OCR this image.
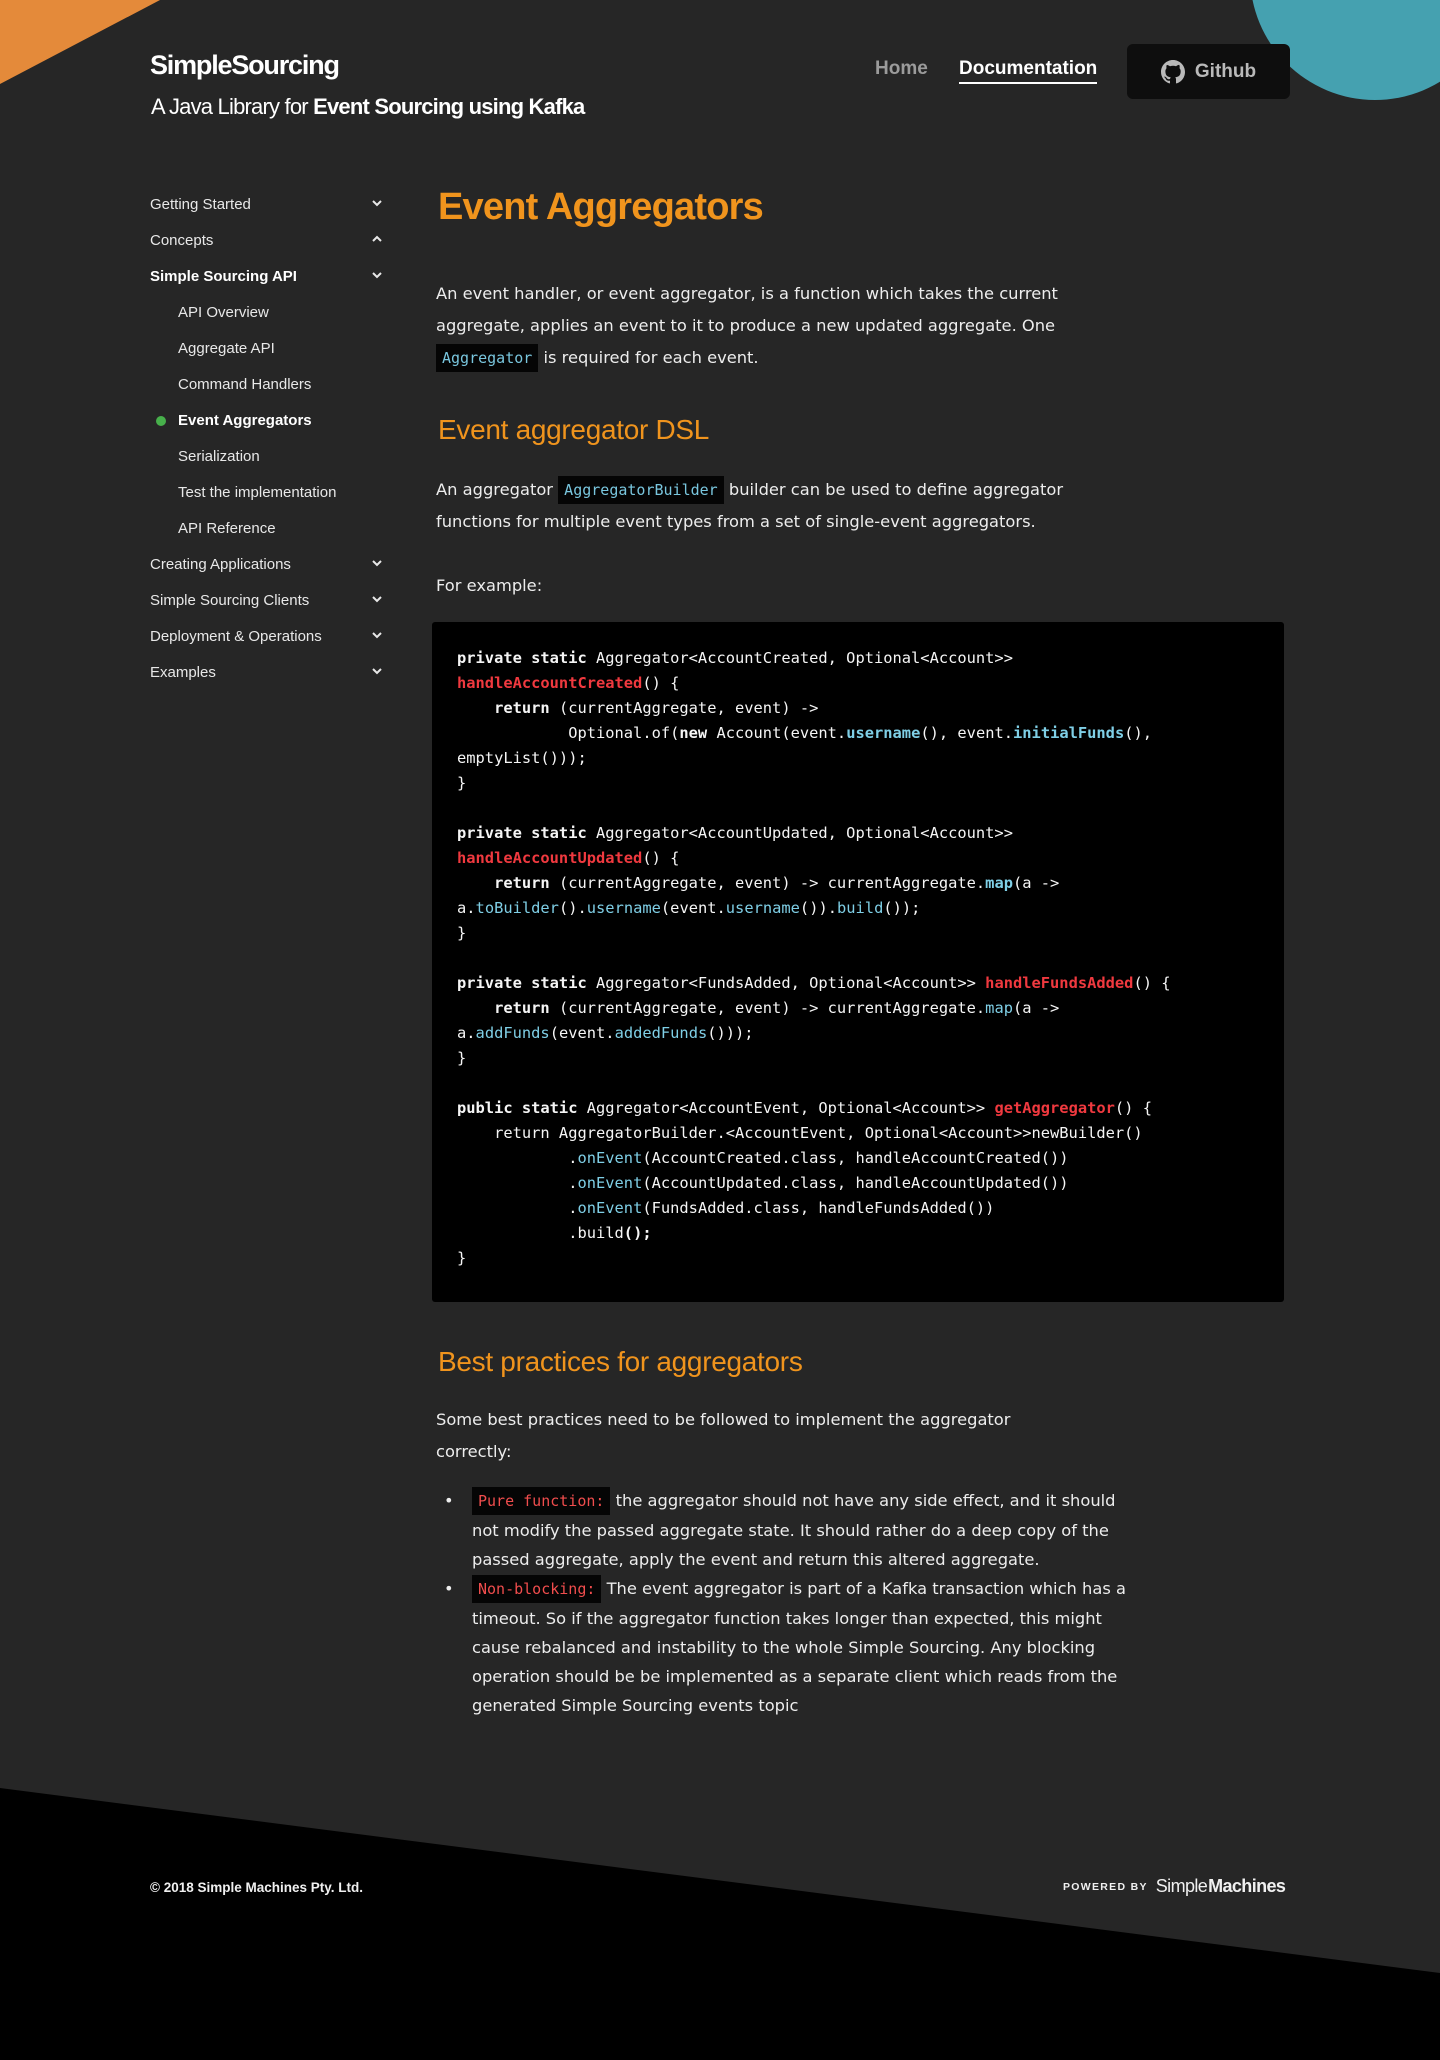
SimpleSourcing
A Java Library for Event Sourcing using Kafka
Home Documentation	Github
Getting Started
Concepts
Simple Sourcing API
API Overview
Aggregate API
Command Handlers
Event Aggregators
Serialization
Test the implementation
API Reference
Creating Applications
Simple Sourcing Clients
Deployment & Operations
Examples
Event Aggregators

An event handler, or event aggregator, is a function which takes the current aggregate, applies an event to it to produce a new updated aggregate. One Aggregator is required for each event.

Event aggregator DSL

An aggregator AggregatorBuilder builder can be used to define aggregator functions for multiple event types from a set of single-event aggregators.

For example:

private static Aggregator<AccountCreated, Optional<Account>>
handleAccountCreated() {
return (currentAggregate, event) ->
Optional.of(new Account(event.username(), event.initialFunds(),
emptyList()));
}

private static Aggregator<AccountUpdated, Optional<Account>>
handleAccountUpdated() {
return (currentAggregate, event) -> currentAggregate.map(a ->
a.toBuilder().username(event.username()).build());
}

private static Aggregator<FundsAdded, Optional<Account>> handleFundsAdded() {
return (currentAggregate, event) -> currentAggregate.map(a ->
a.addFunds(event.addedFunds()));
}

public static Aggregator<AccountEvent, Optional<Account>> getAggregator() {
return AggregatorBuilder.<AccountEvent, Optional<Account>>newBuilder()
.onEvent(AccountCreated.class, handleAccountCreated())
.onEvent(AccountUpdated.class, handleAccountUpdated())
.onEvent(FundsAdded.class, handleFundsAdded())
.build();
}
Best practices for aggregators

Some best practices need to be followed to implement the aggregator correctly:

• Pure function: the aggregator should not have any side effect, and it should not modify the passed aggregate state. It should rather do a deep copy of the passed aggregate, apply the event and return this altered aggregate.
• Non-blocking: The event aggregator is part of a Kafka transaction which has a timeout. So if the aggregator function takes longer than expected, this might cause rebalanced and instability to the whole Simple Sourcing. Any blocking operation should be be implemented as a separate client which reads from the generated Simple Sourcing events topic
© 2018 Simple Machines Pty. Ltd.	POWERED BY Simple Machines
